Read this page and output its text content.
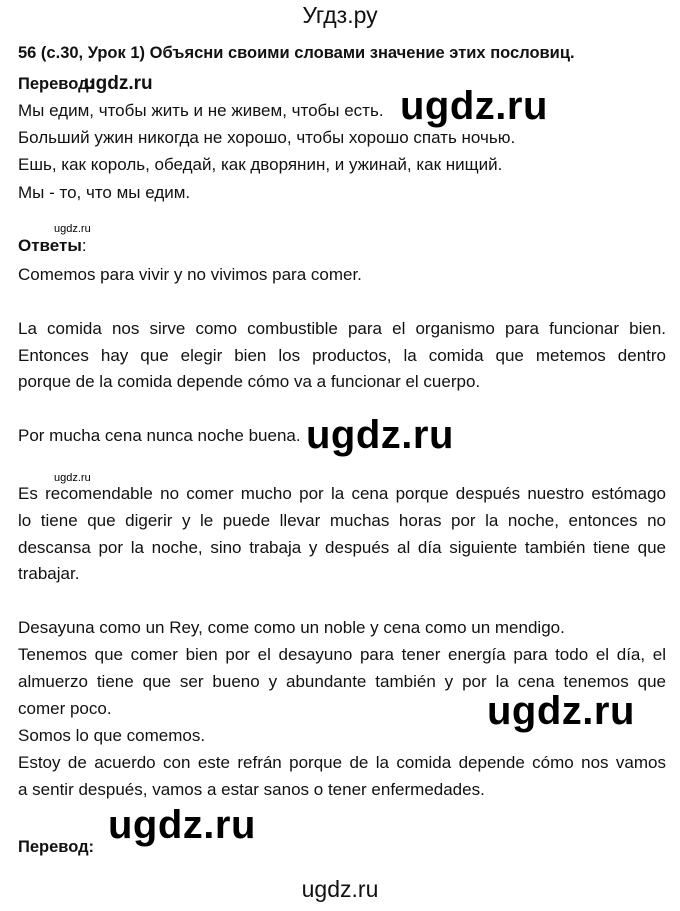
Угдз.ру
56 (с.30, Урок 1) Объясни своими словами значение этих пословиц.
Перевод:
ugdz.ru
Мы едим, чтобы жить и не живем, чтобы есть.
Больший ужин никогда не хорошо, чтобы хорошо спать ночью.
Ешь, как король, обедай, как дворянин, и ужинай, как нищий.
Мы - то, что мы едим.
ugdz.ru
ugdz.ru
Ответы:
Comemos para vivir y no vivimos para comer.
La comida nos sirve como combustible para el organismo para funcionar bien.
Entonces hay que elegir bien los productos, la comida que metemos dentro
porque de la comida depende cómo va a funcionar el cuerpo.
ugdz.ru
Por mucha cena nunca noche buena.
ugdz.ru
Es recomendable no comer mucho por la cena porque después nuestro estómago
lo tiene que digerir y le puede llevar muchas horas por la noche, entonces no
descansa por la noche, sino trabaja y después al día siguiente también tiene que
trabajar.
Desayuna como un Rey, come como un noble y cena como un mendigo.
Tenemos que comer bien por el desayuno para tener energía para todo el día, el
almuerzo tiene que ser bueno y abundante también y por la cena tenemos que
comer poco.	ugdz.ru
Somos lo que comemos.
Estoy de acuerdo con este refrán porque de la comida depende cómo nos vamos
a sentir después, vamos a estar sanos o tener enfermedades.
ugdz.ru
Перевод:
ugdz.ru
